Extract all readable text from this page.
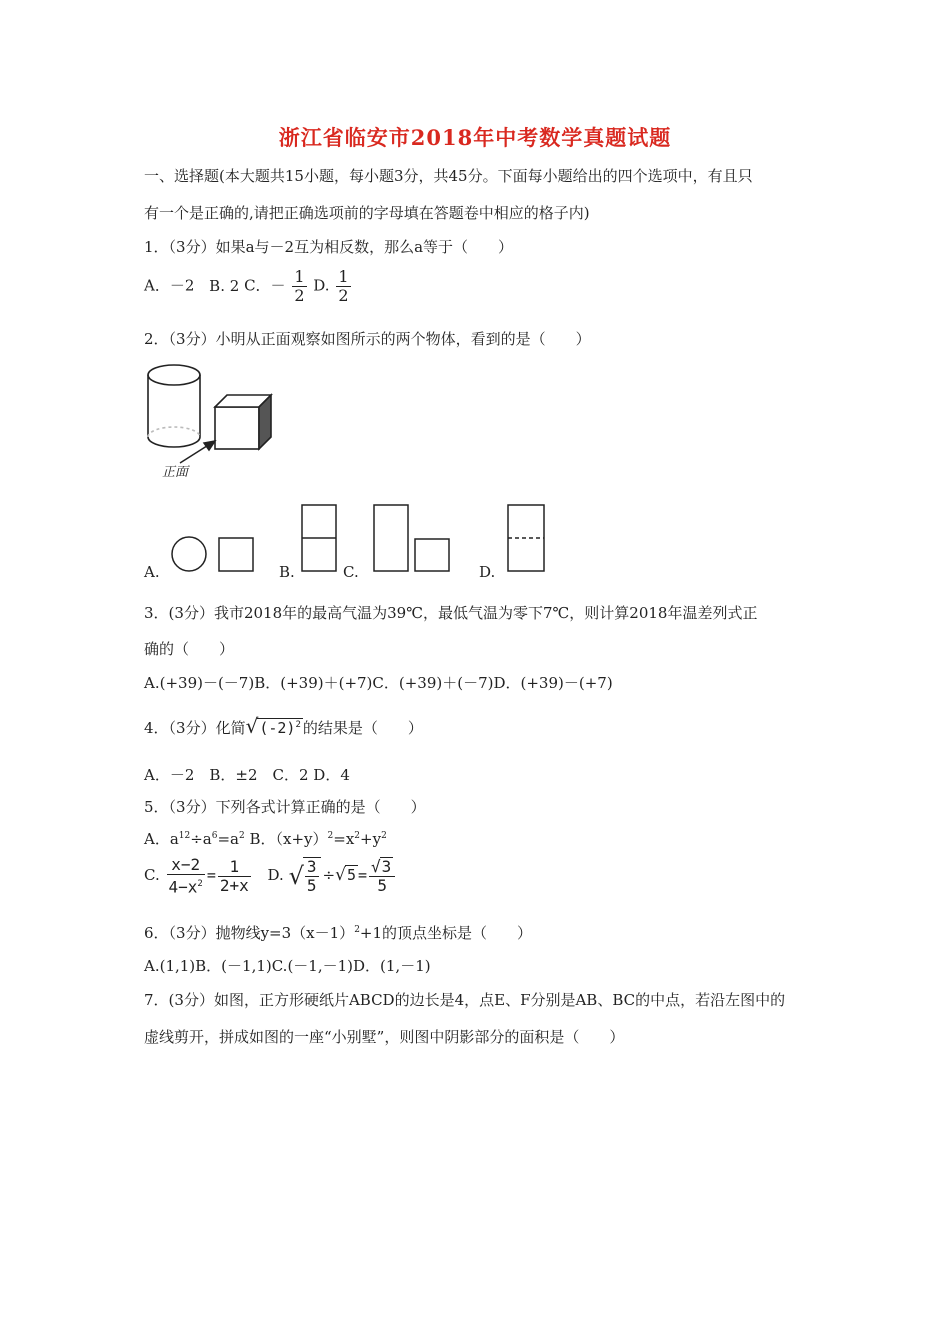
浙江省临安市2018年中考数学真题试题
一、选择题(本大题共15小题，每小题3分，共45分。下面每小题给出的四个选项中，有且只
有一个是正确的,请把正确选项前的字母填在答题卷中相应的格子内)
1．（3分）如果a与－2互为相反数，那么a等于（　　）
A．－2 B. 2 C．－ $\frac{1}{2} D$. $\frac{1}{2}$
2．（3分）小明从正面观察如图所示的两个物体，看到的是（　　）
正面
A.	B.	C.	D.
3．(3分）我市2018年的最高气温为39℃，最低气温为零下7℃，则计算2018年温差列式正
确的（　　）
A.(+39)－(－7)B．(+39)＋(+7)C．(+39)＋(－7)D．(+39)－(+7)
4．（3分）化简$√(-2)^2$ 的结果是（　　）
A．－2　B．±2　C．2 D．4
5．（3分）下列各式计算正确的是（　　）
A．$a^{12}\div a^6=a^2$ B．$(x+y)^2=x^2+y^2$
C. $\frac{x-2}{4-x^2} = \frac{1}{2+x} D$. √ $\frac{3}{5} \div√5 = \frac{√3}{5}$
6．（3分）抛物线$y=3(x-1)^2+1$的顶点坐标是（　　）
A.(1,1)B．(－1,1)C.(－1,－1)D．(1,－1)
7．(3分）如图，正方形硬纸片ABCD的边长是4，点E、F分别是AB、BC的中点，若沿左图中的
虚线剪开，拼成如图的一座“小别墅”，则图中阴影部分的面积是（　　）
